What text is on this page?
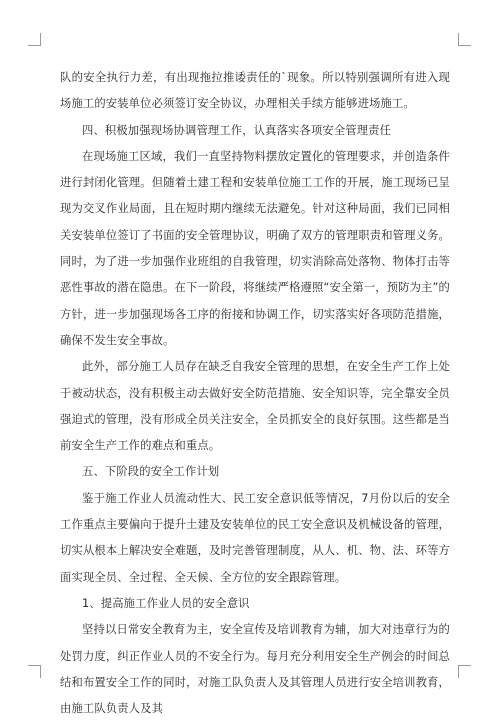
队的安全执行力差，有出现拖拉推诿责任的`现象。所以特别强调所有进入现场施工的安装单位必须签订安全协议，办理相关手续方能够进场施工。

四、积极加强现场协调管理工作，认真落实各项安全管理责任

在现场施工区域，我们一直坚持物料摆放定置化的管理要求，并创造条件进行封闭化管理。但随着土建工程和安装单位施工工作的开展，施工现场已呈现为交叉作业局面，且在短时期内继续无法避免。针对这种局面，我们已同相关安装单位签订了书面的安全管理协议，明确了双方的管理职责和管理义务。同时，为了进一步加强作业班组的自我管理，切实消除高处落物、物体打击等恶性事故的潜在隐患。在下一阶段，将继续严格遵照“安全第一，预防为主”的方针，进一步加强现场各工序的衔接和协调工作，切实落实好各项防范措施，确保不发生安全事故。

此外，部分施工人员存在缺乏自我安全管理的思想，在安全生产工作上处于被动状态，没有积极主动去做好安全防范措施、安全知识等，完全靠安全员强迫式的管理，没有形成全员关注安全，全员抓安全的良好氛围。这些都是当前安全生产工作的难点和重点。

五、下阶段的安全工作计划

鉴于施工作业人员流动性大、民工安全意识低等情况，7月份以后的安全工作重点主要偏向于提升土建及安装单位的民工安全意识及机械设备的管理，切实从根本上解决安全难题，及时完善管理制度，从人、机、物、法、环等方面实现全员、全过程、全天候、全方位的安全跟踪管理。

1、提高施工作业人员的安全意识

坚持以日常安全教育为主，安全宣传及培训教育为辅，加大对违章行为的处罚力度，纠正作业人员的不安全行为。每月充分利用安全生产例会的时间总结和布置安全工作的同时，对施工队负责人及其管理人员进行安全培训教育，由施工队负责人及其
